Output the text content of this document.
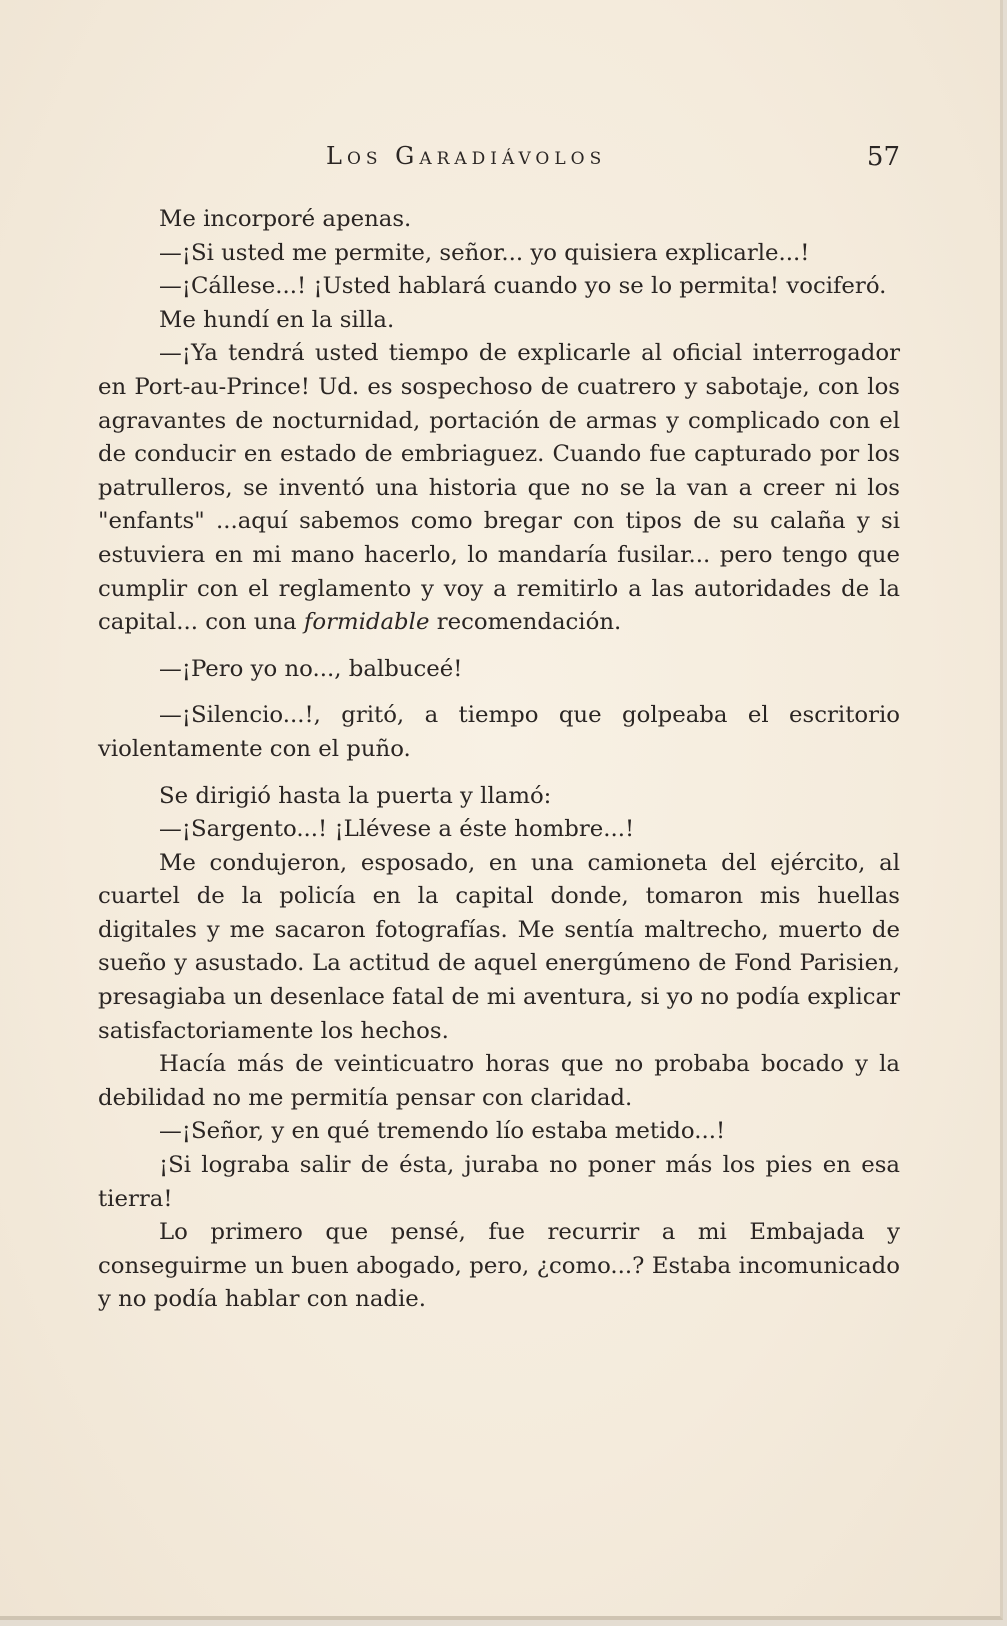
Los Garadiávolos	57

Me incorporé apenas.

—¡Si usted me permite, señor... yo quisiera explicarle...!

—¡Cállese...! ¡Usted hablará cuando yo se lo permita! vociferó.

Me hundí en la silla.

—¡Ya tendrá usted tiempo de explicarle al oficial interrogador en Port-au-Prince! Ud. es sospechoso de cuatrero y sabotaje, con los agravantes de nocturnidad, portación de armas y complicado con el de conducir en estado de embriaguez. Cuando fue capturado por los patrulleros, se inventó una historia que no se la van a creer ni los "enfants" ...aquí sabemos como bregar con tipos de su calaña y si estuviera en mi mano hacerlo, lo mandaría fusilar... pero tengo que cumplir con el reglamento y voy a remitirlo a las autoridades de la capital... con una formidable recomendación.

—¡Pero yo no..., balbuceé!

—¡Silencio...!, gritó, a tiempo que golpeaba el escritorio violentamente con el puño.

Se dirigió hasta la puerta y llamó:

—¡Sargento...! ¡Llévese a éste hombre...!

Me condujeron, esposado, en una camioneta del ejército, al cuartel de la policía en la capital donde, tomaron mis huellas digitales y me sacaron fotografías. Me sentía maltrecho, muerto de sueño y asustado. La actitud de aquel energúmeno de Fond Parisien, presagiaba un desenlace fatal de mi aventura, si yo no podía explicar satisfactoriamente los hechos.

Hacía más de veinticuatro horas que no probaba bocado y la debilidad no me permitía pensar con claridad.

—¡Señor, y en qué tremendo lío estaba metido...!

¡Si lograba salir de ésta, juraba no poner más los pies en esa tierra!

Lo primero que pensé, fue recurrir a mi Embajada y conseguirme un buen abogado, pero, ¿como...? Estaba incomunicado y no podía hablar con nadie.
